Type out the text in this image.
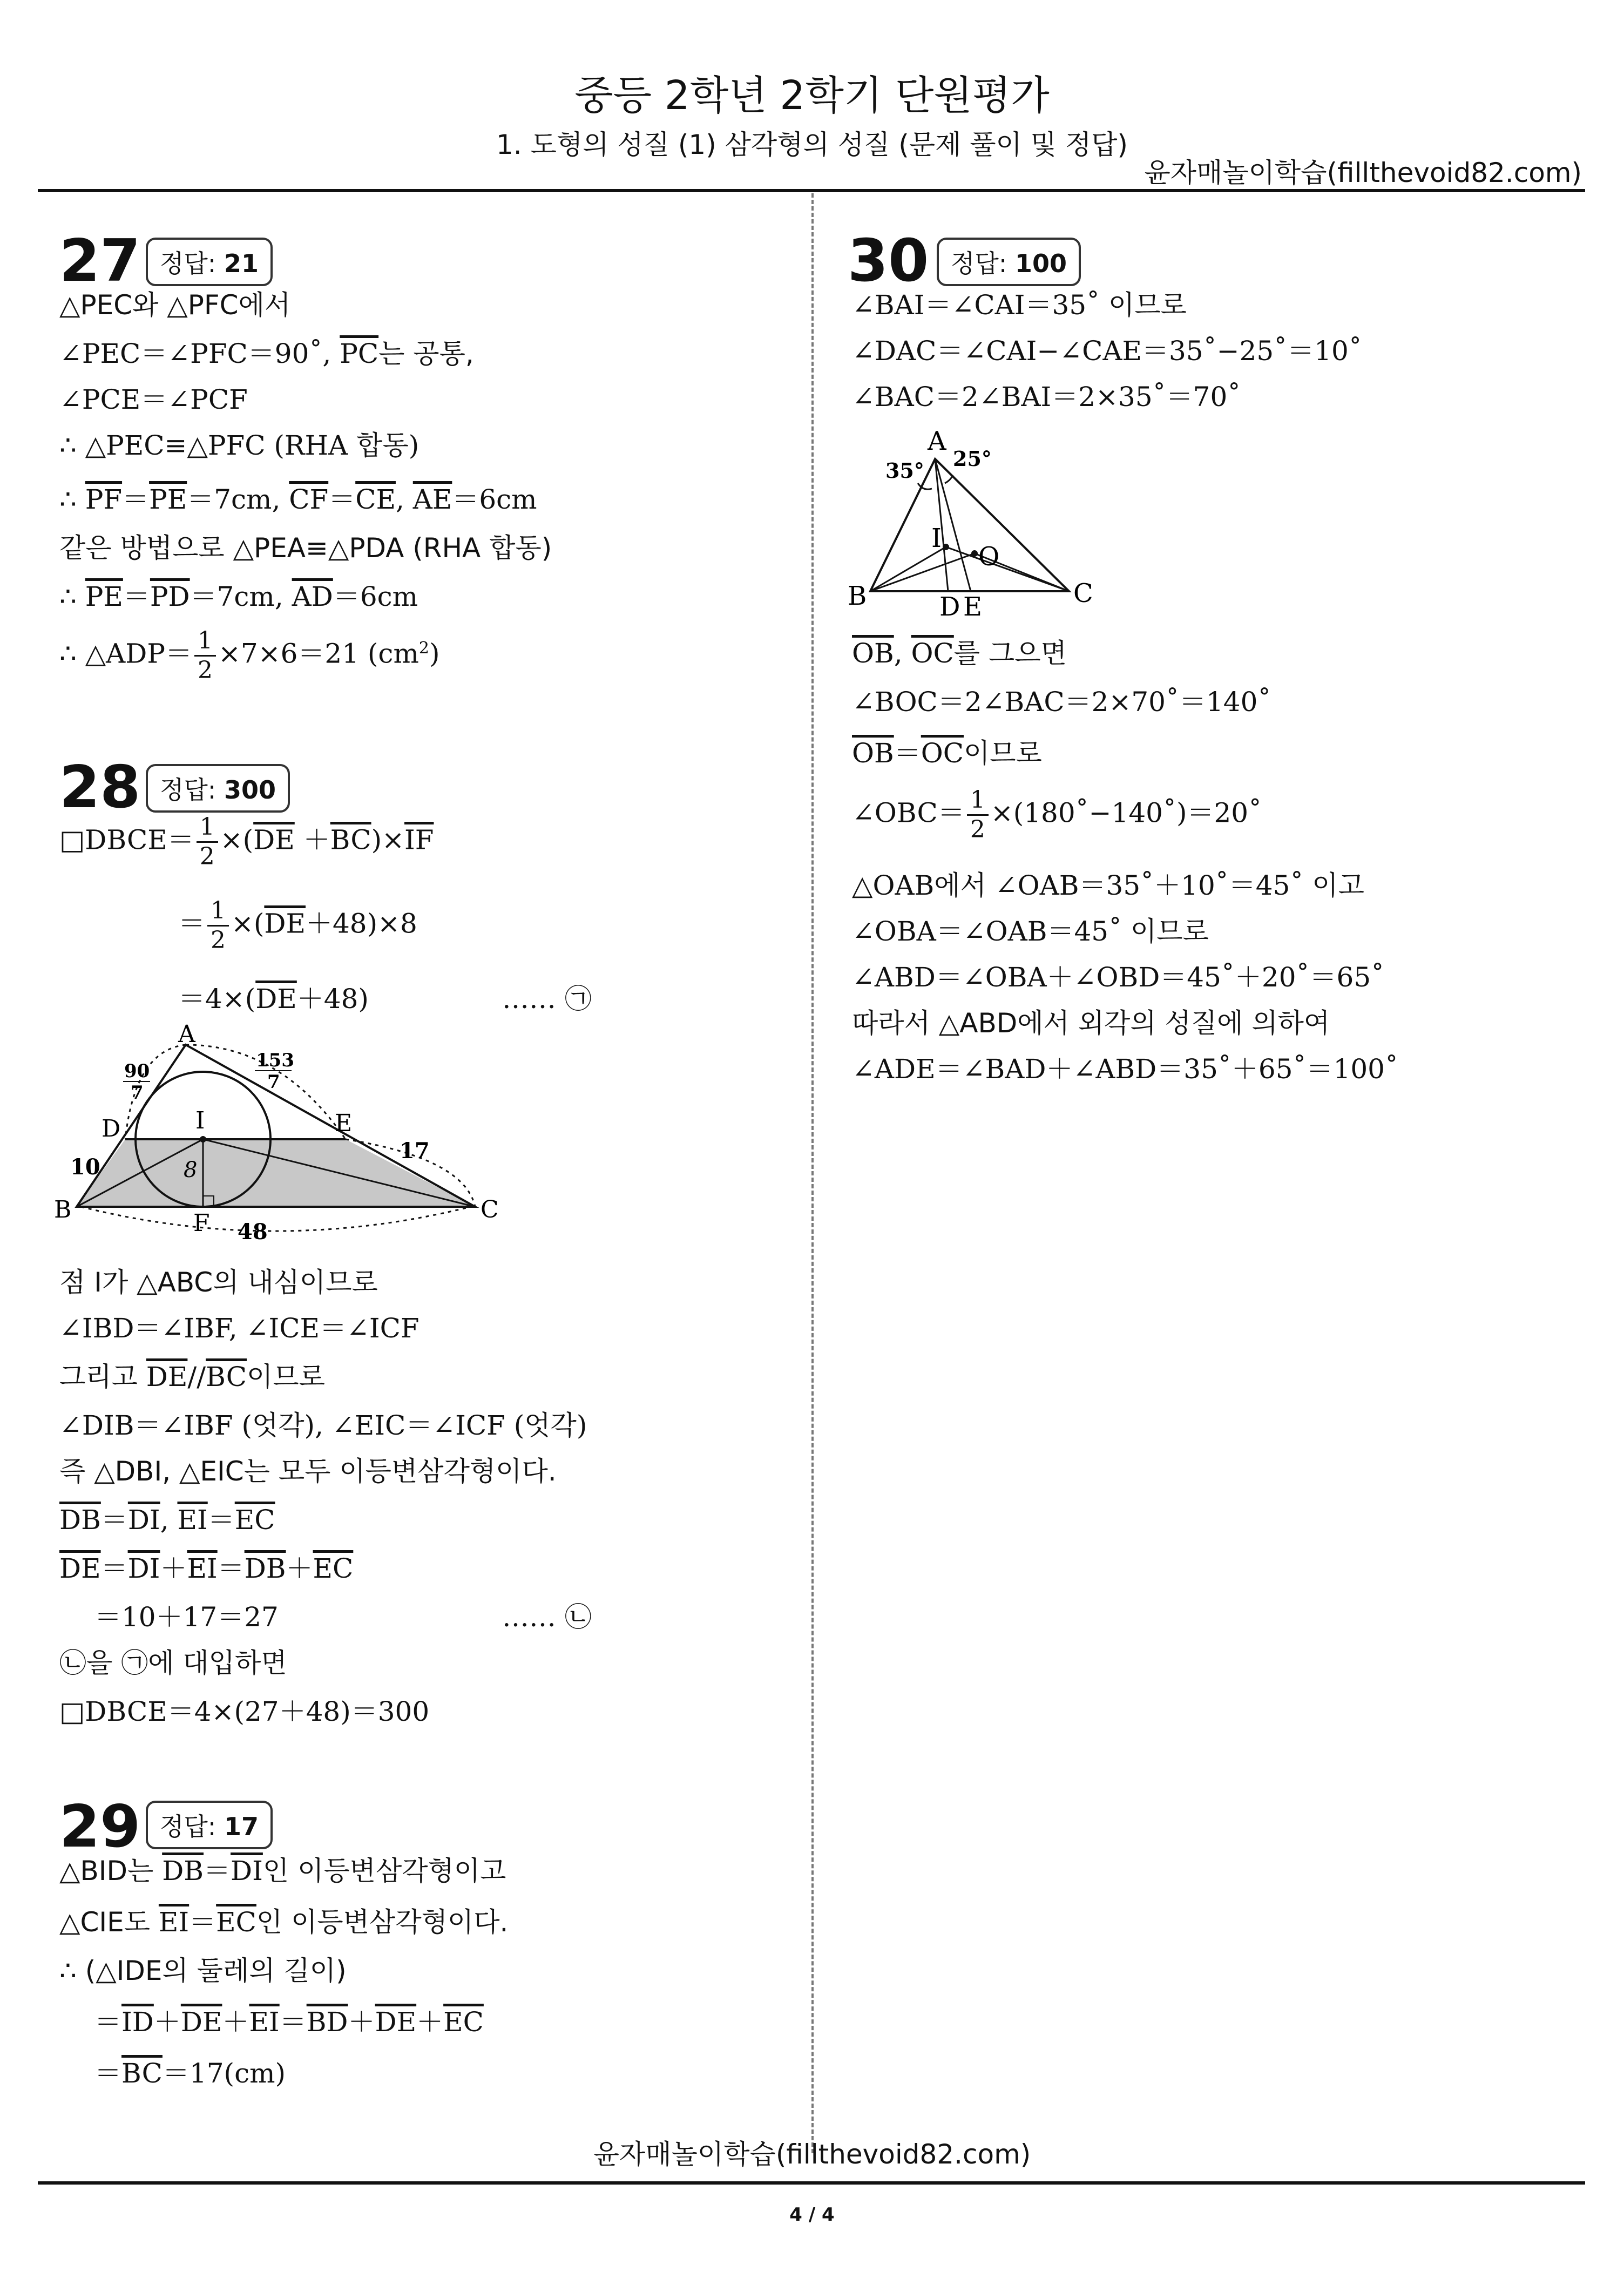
중등 2학년 2학기 단원평가
1. 도형의 성질 (1) 삼각형의 성질 (문제 풀이 및 정답)
윤자매놀이학습(fillthevoid82.com)
27 정답: 21
△PEC와 △PFC에서
∠PEC＝∠PFC＝90˚, $\overline{PC}$는 공통,
∠PCE＝∠PCF
∴ △PEC≡△PFC (RHA 합동)
∴ $\overline{PF}=\overline{PE}=7cm$, $\overline{CF}=\overline{CE}$, $\overline{AE}=6cm$
같은 방법으로 △PEA≡△PDA (RHA 합동)
∴ $\overline{PE}=\overline{PD}=7cm$, $\overline{AD}=6cm$
∴ △ADP＝ $\frac{1}{2} \times 7\times 6=21$ $(cm^2)$
28 정답: 300
□DBCE＝ $\frac{1}{2} \times(\overline{DE} +\overline{BC})\times\overline{IF}$
＝ $\frac{1}{2} \times(\overline{DE}+48)\times 8$
$=4\times(\overline{DE}+48)$	…… ㉠
A
B	C
D	E
I
F
90
7
153
7
10
17
8
48
점 I가 △ABC의 내심이므로
∠IBD＝∠IBF, ∠ICE＝∠ICF
그리고 $\overline{DE}//\overline{BC}$이므로
∠DIB＝∠IBF (엇각), ∠EIC＝∠ICF (엇각)
즉 △DBI, △EIC는 모두 이등변삼각형이다.
$\overline{DB}=\overline{DI}$, $\overline{EI}=\overline{EC}$
$\overline{DE}=\overline{DI}+\overline{EI}=\overline{DB}+\overline{EC}$
＝10＋17＝27	…… ㉡
㉡을 ㉠에 대입하면
□DBCE＝4×(27＋48)＝300
29 정답: 17
△BID는 $\overline{DB}=\overline{DI}$인 이등변삼각형이고
△CIE도 $\overline{EI}=\overline{EC}$인 이등변삼각형이다.
∴ (△IDE의 둘레의 길이)
$=\overline{ID}+\overline{DE}+\overline{EI}=\overline{BD}+\overline{DE}+\overline{EC}$
$=\overline{BC}=17(cm)$
30 정답: 100
∠BAI＝∠CAI＝35˚ 이므로
∠DAC＝∠CAI−∠CAE＝35˚−25˚＝10˚
∠BAC＝2∠BAI＝2×35˚＝70˚
A
B	C
D E
I
O
35° 25°
$\overline{OB}$, $\overline{OC}$를 그으면
∠BOC＝2∠BAC＝2×70˚＝140˚
$\overline{OB}=\overline{OC}$이므로
∠OBC＝ $\frac{1}{2}$ ×(180˚−140˚)＝20˚
△OAB에서 ∠OAB＝35˚＋10˚＝45˚ 이고
∠OBA＝∠OAB＝45˚ 이므로
∠ABD＝∠OBA＋∠OBD＝45˚＋20˚＝65˚
따라서 △ABD에서 외각의 성질에 의하여
∠ADE＝∠BAD＋∠ABD＝35˚＋65˚＝100˚
윤자매놀이학습(fillthevoid82.com)
4 / 4
